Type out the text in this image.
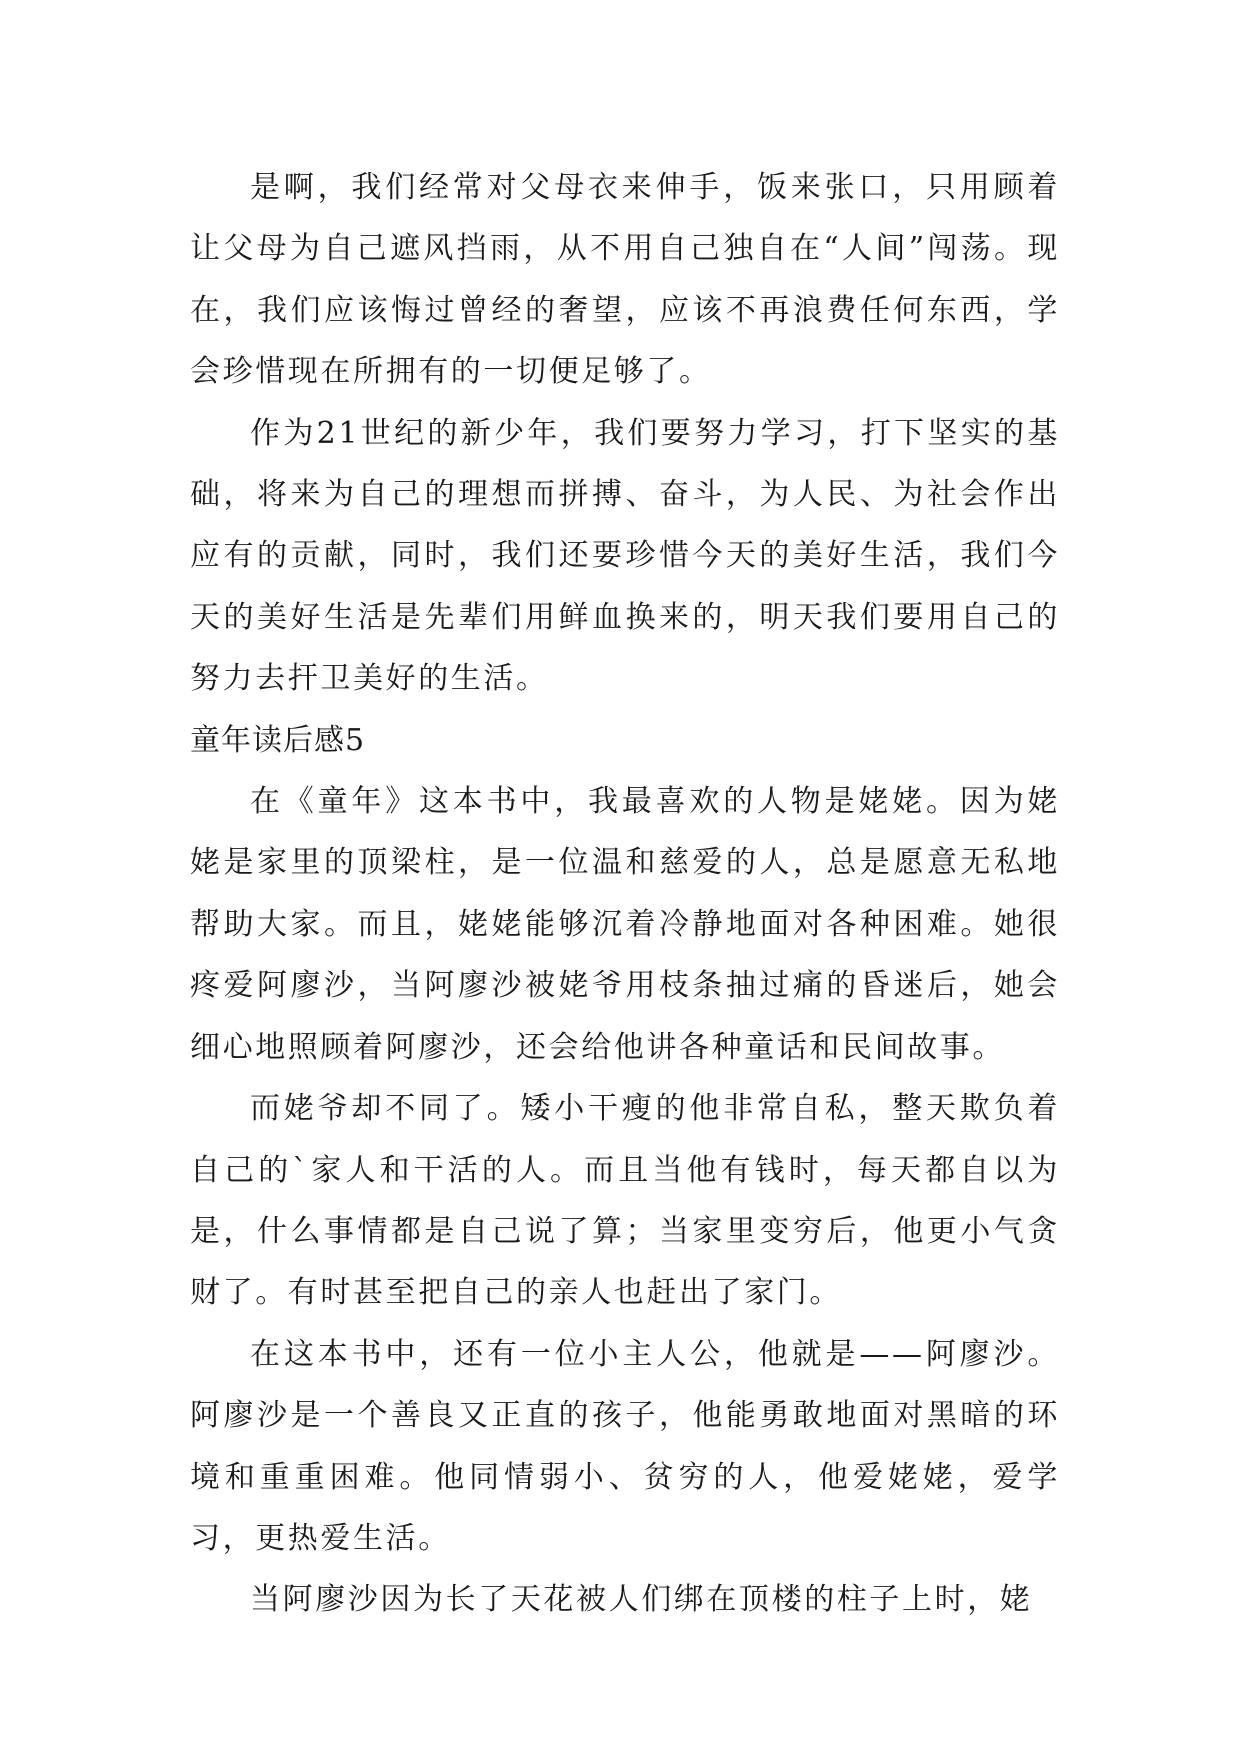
是啊，我们经常对父母衣来伸手，饭来张口，只用顾着让父母为自己遮风挡雨，从不用自己独自在“人间”闯荡。现在，我们应该悔过曾经的奢望，应该不再浪费任何东西，学会珍惜现在所拥有的一切便足够了。

作为21世纪的新少年，我们要努力学习，打下坚实的基础，将来为自己的理想而拼搏、奋斗，为人民、为社会作出应有的贡献，同时，我们还要珍惜今天的美好生活，我们今天的美好生活是先辈们用鲜血换来的，明天我们要用自己的努力去扞卫美好的生活。

童年读后感5

在《童年》这本书中，我最喜欢的人物是姥姥。因为姥姥是家里的顶梁柱，是一位温和慈爱的人，总是愿意无私地帮助大家。而且，姥姥能够沉着冷静地面对各种困难。她很疼爱阿廖沙，当阿廖沙被姥爷用枝条抽过痛的昏迷后，她会细心地照顾着阿廖沙，还会给他讲各种童话和民间故事。

而姥爷却不同了。矮小干瘦的他非常自私，整天欺负着自己的`家人和干活的人。而且当他有钱时，每天都自以为是，什么事情都是自己说了算；当家里变穷后，他更小气贪财了。有时甚至把自己的亲人也赶出了家门。

在这本书中，还有一位小主人公，他就是——阿廖沙。阿廖沙是一个善良又正直的孩子，他能勇敢地面对黑暗的环境和重重困难。他同情弱小、贫穷的人，他爱姥姥，爱学习，更热爱生活。

当阿廖沙因为长了天花被人们绑在顶楼的柱子上时，姥
